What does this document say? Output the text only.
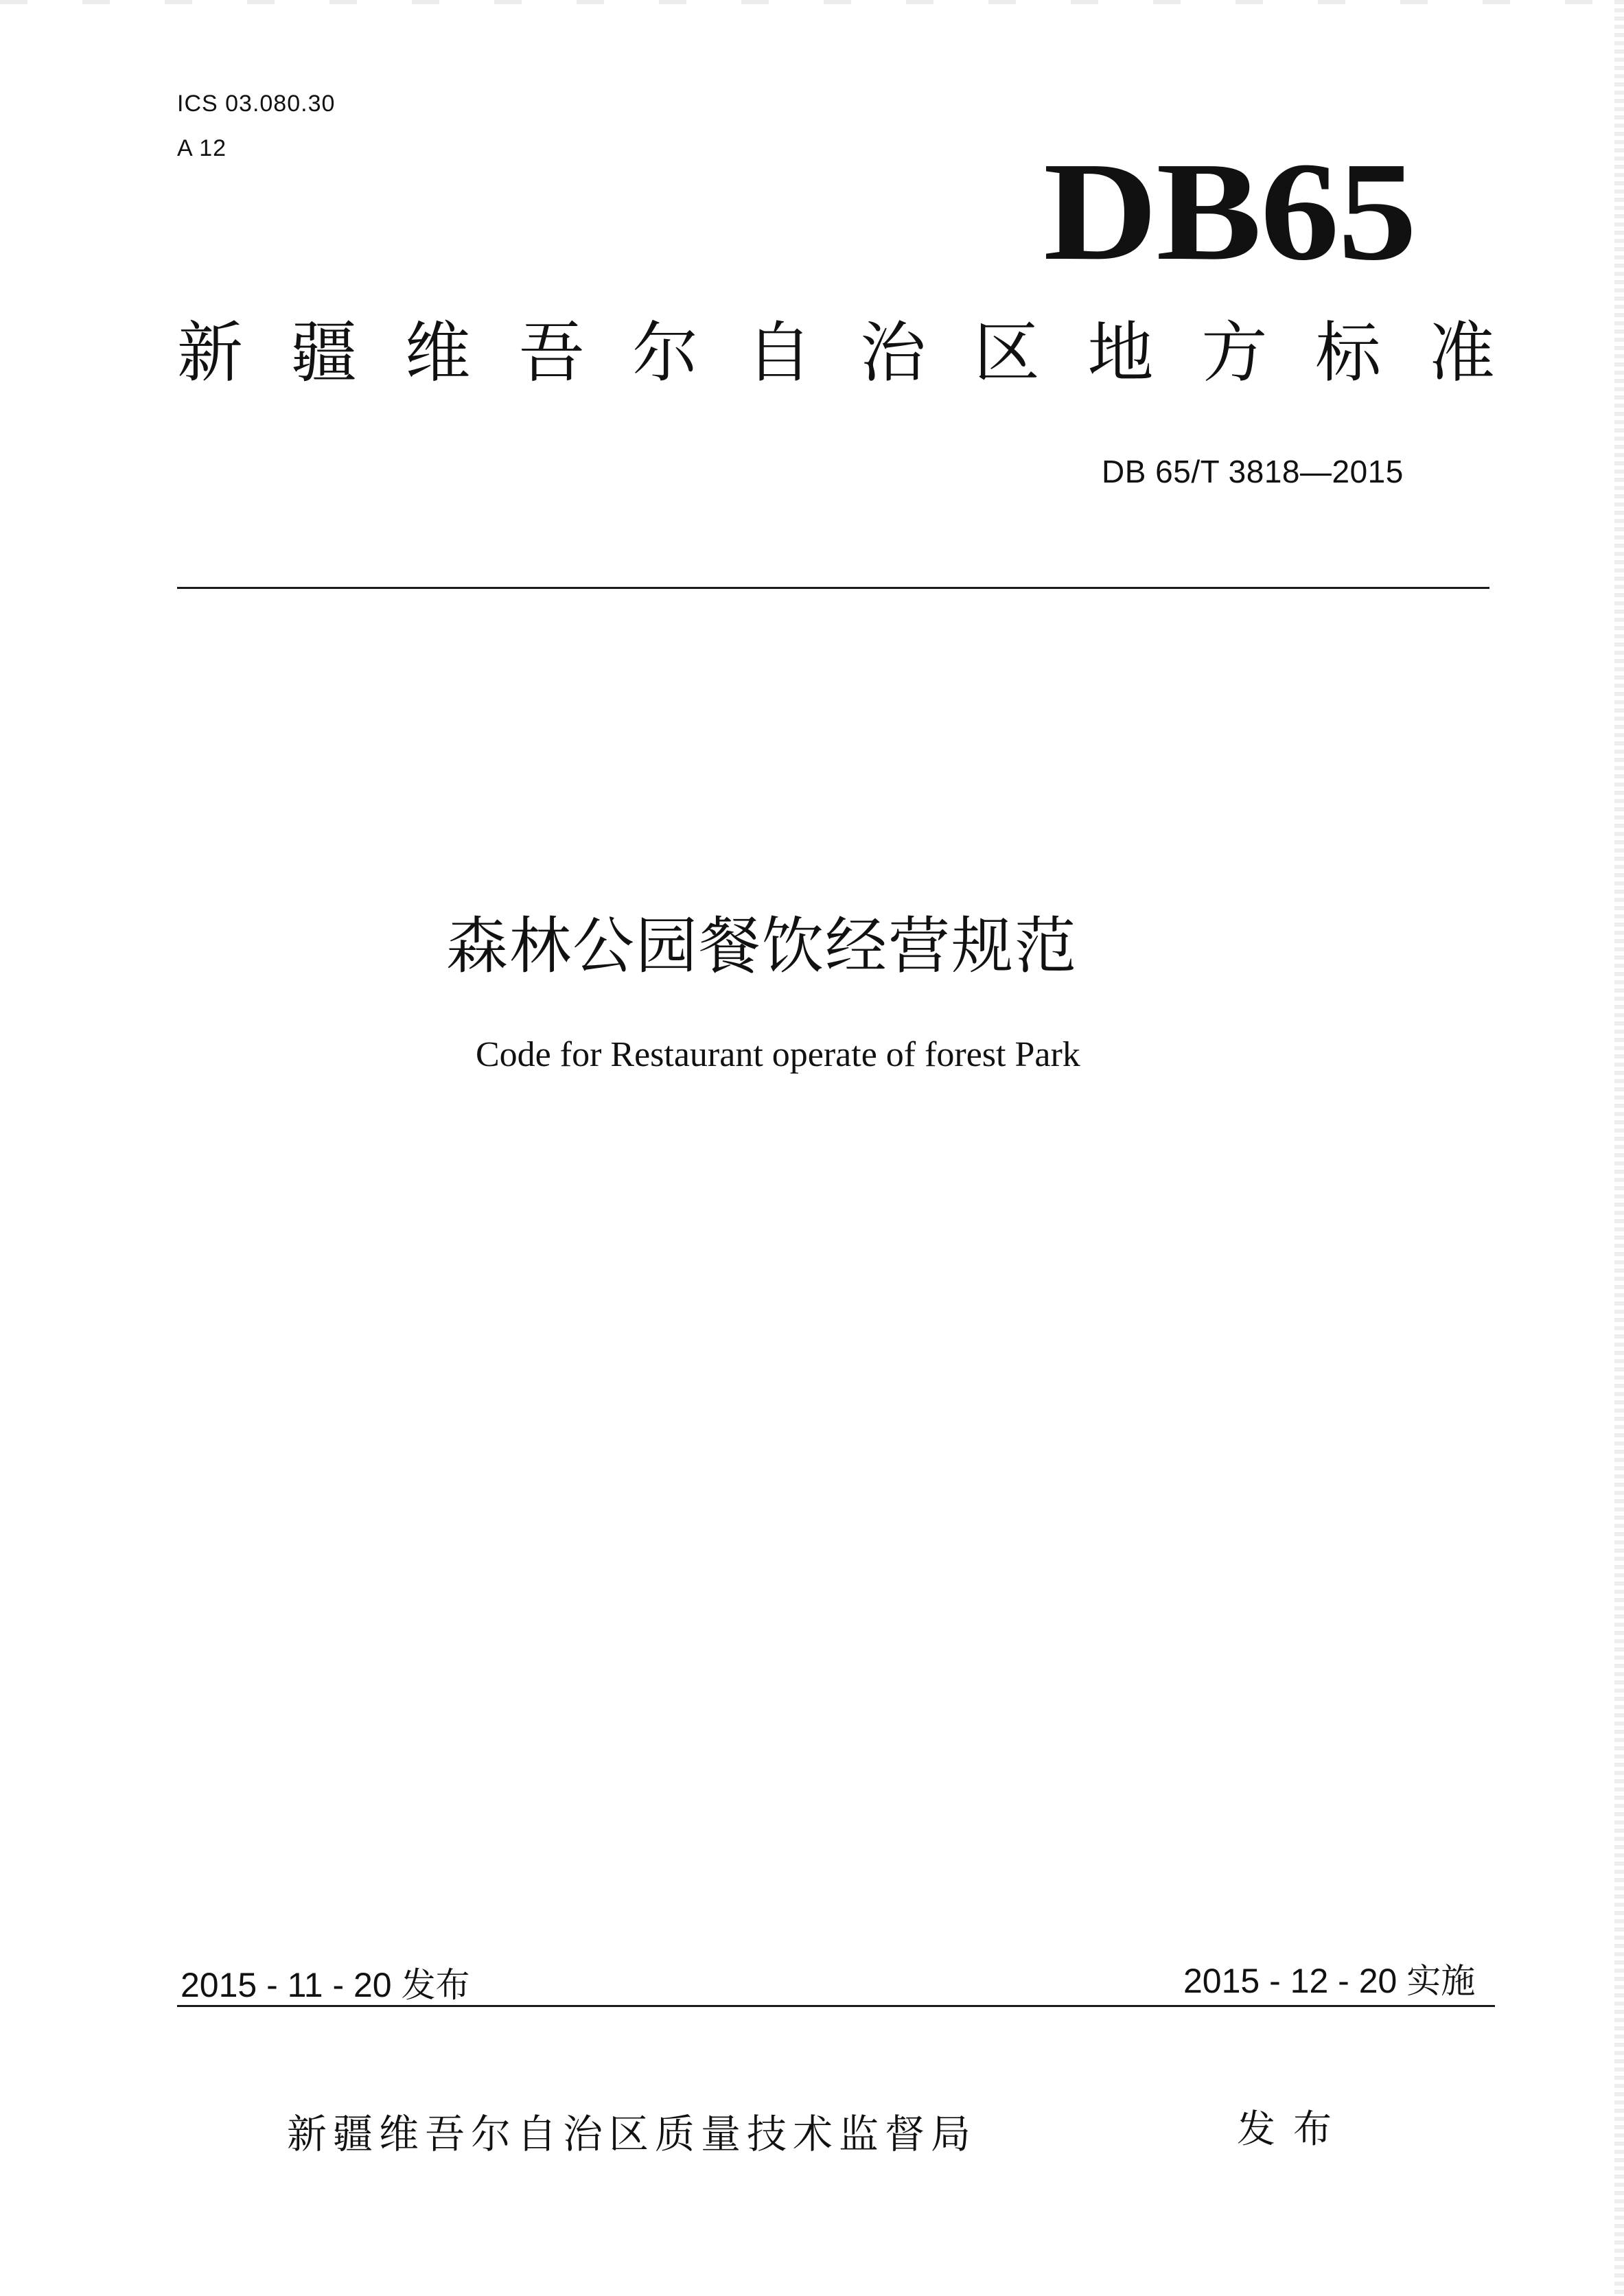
ICS 03.080.30
A 12	DB65
新 疆 维 吾 尔 自 治 区 地 方 标 准
DB 65/T 3818—2015
森林公园餐饮经营规范
Code for Restaurant operate of forest Park
2015 - 11 - 20 发布	2015 - 12 - 20 实施
新疆维吾尔自治区质量技术监督局	发布
